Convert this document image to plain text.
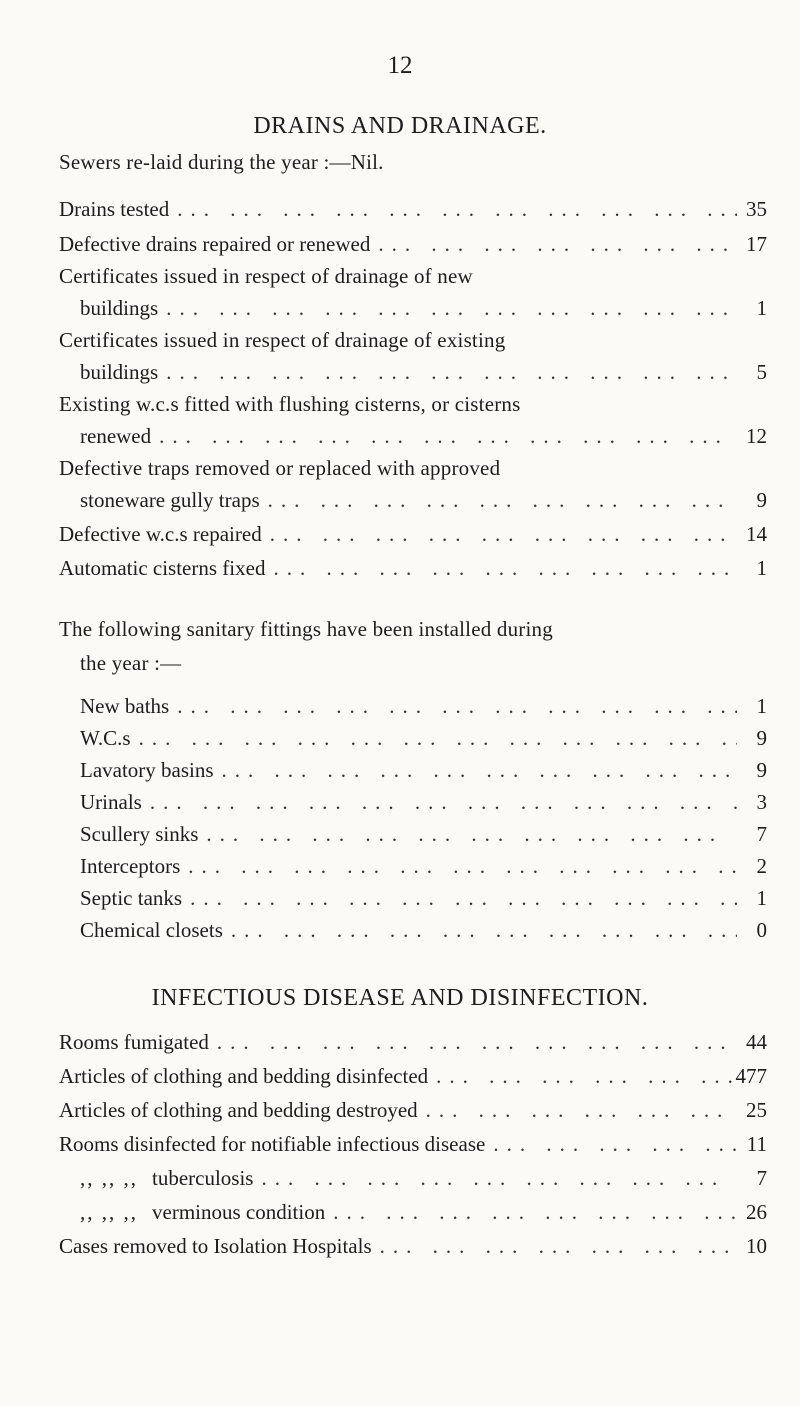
12
DRAINS AND DRAINAGE.
Sewers re-laid during the year :—Nil.
Drains tested ... .	35
Defective drains repaired or renewed ... .	17
Certificates issued in respect of drainage of new
buildings ... .	1
Certificates issued in respect of drainage of existing
buildings ... .	5
Existing w.c.s fitted with flushing cisterns, or cisterns
renewed ... .	12
Defective traps removed or replaced with approved
stoneware gully traps ... .	9
Defective w.c.s repaired ... .	14
Automatic cisterns fixed ... .	1
The following sanitary fittings have been installed during
the year :—
New baths ... .	1
W.C.s ... .	9
Lavatory basins ... .	9
Urinals ... .	3
Scullery sinks ... .	7
Interceptors ... .	2
Septic tanks ... .	1
Chemical closets ... .	0
INFECTIOUS DISEASE AND DISINFECTION.
Rooms fumigated ... .	44
Articles of clothing and bedding disinfected ... .	477
Articles of clothing and bedding destroyed ... .	25
Rooms disinfected for notifiable infectious disease ... .	11
,, ,, ,, tuberculosis ... .	7
,, ,, ,, verminous condition ... .	26
Cases removed to Isolation Hospitals ... .	10
